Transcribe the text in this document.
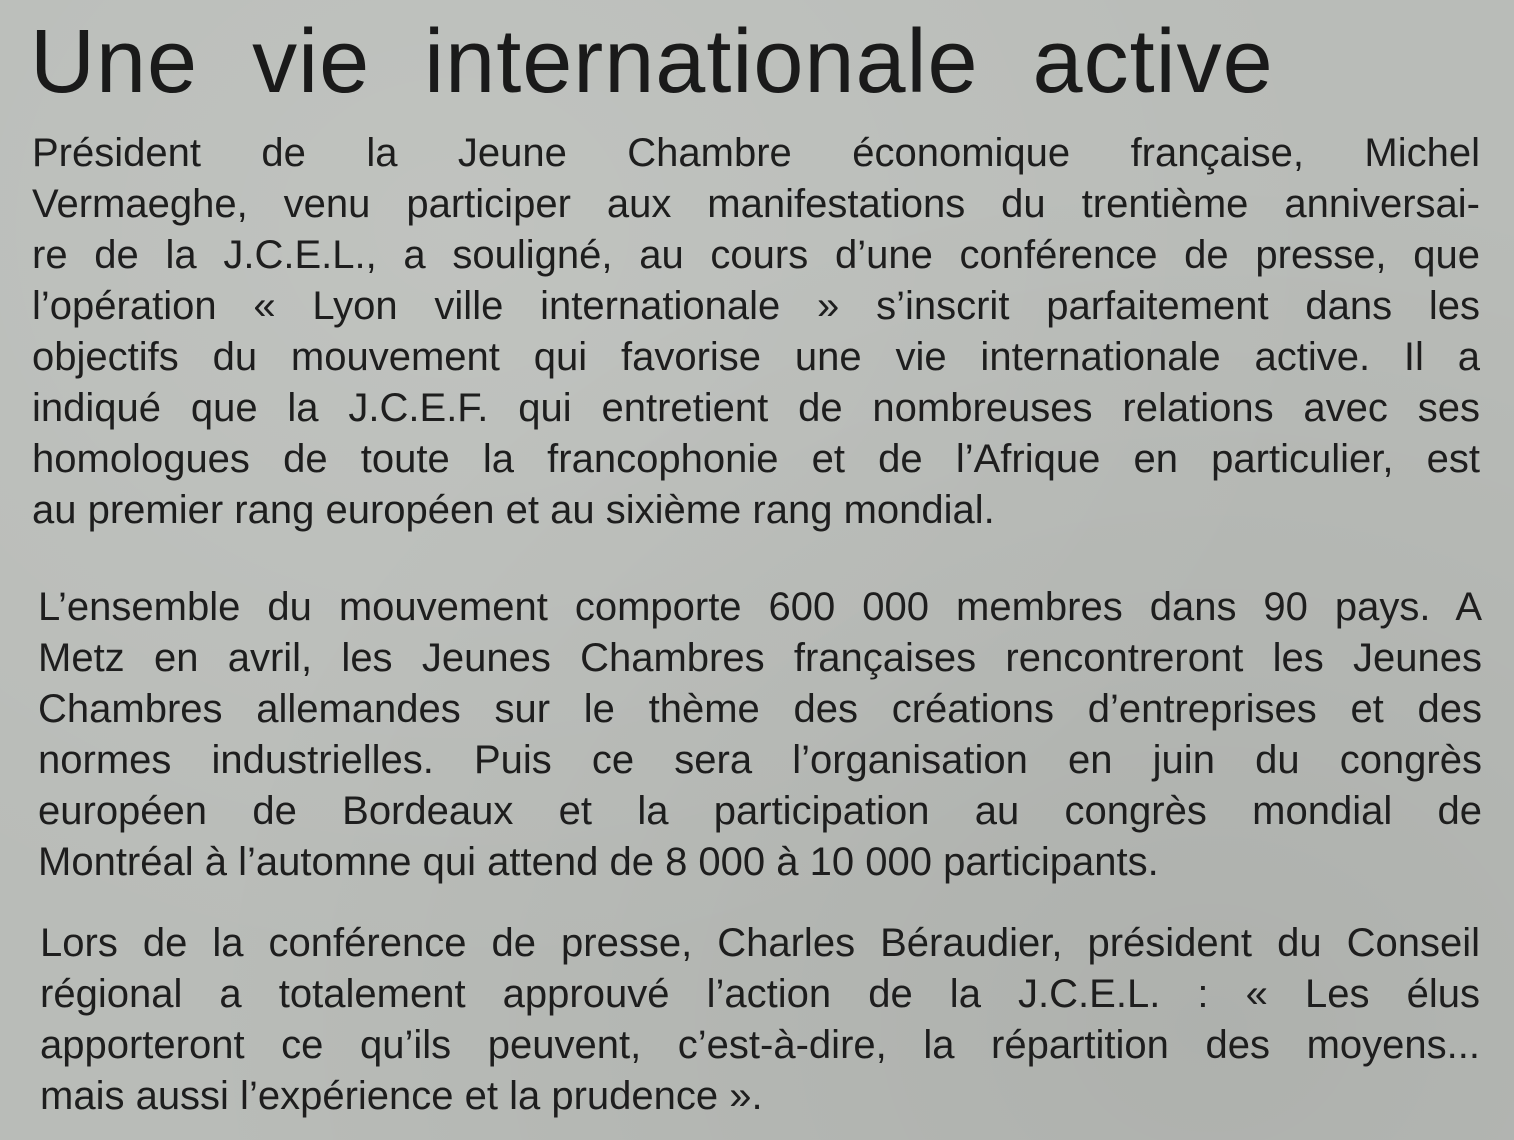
Une vie internationale active
Président de la Jeune Chambre économique française, Michel
Vermaeghe, venu participer aux manifestations du trentième anniversai-
re de la J.C.E.L., a souligné, au cours d’une conférence de presse, que
l’opération « Lyon ville internationale » s’inscrit parfaitement dans les
objectifs du mouvement qui favorise une vie internationale active. Il a
indiqué que la J.C.E.F. qui entretient de nombreuses relations avec ses
homologues de toute la francophonie et de l’Afrique en particulier, est
au premier rang européen et au sixième rang mondial.
L’ensemble du mouvement comporte 600 000 membres dans 90 pays. A
Metz en avril, les Jeunes Chambres françaises rencontreront les Jeunes
Chambres allemandes sur le thème des créations d’entreprises et des
normes industrielles. Puis ce sera l’organisation en juin du congrès
européen de Bordeaux et la participation au congrès mondial de
Montréal à l’automne qui attend de 8 000 à 10 000 participants.
Lors de la conférence de presse, Charles Béraudier, président du Conseil
régional a totalement approuvé l’action de la J.C.E.L. : « Les élus
apporteront ce qu’ils peuvent, c’est-à-dire, la répartition des moyens...
mais aussi l’expérience et la prudence ».
